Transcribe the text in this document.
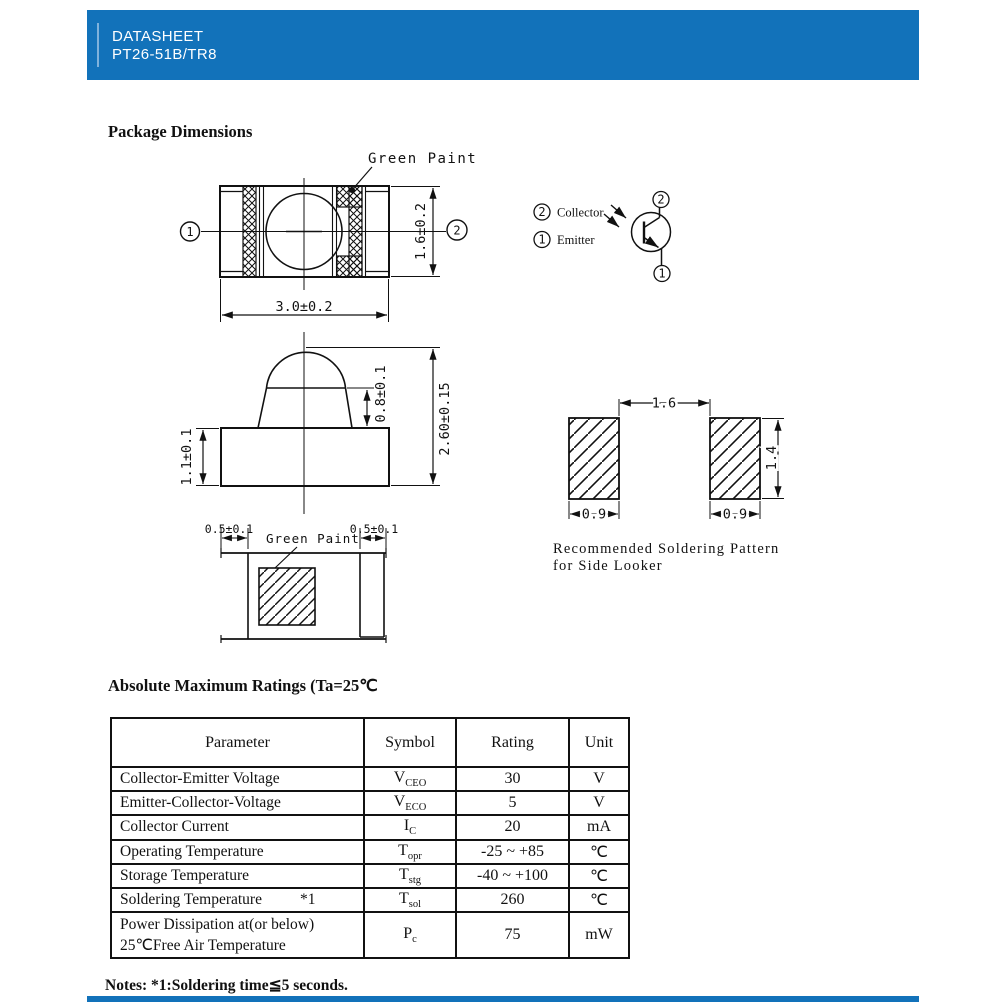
DATASHEET
PT26-51B/TR8
Package Dimensions
Absolute Maximum Ratings (Ta=25℃
Notes: *1:Soldering time≦5 seconds.
Green Paint
1	2
3.0±0.2
1.6±0.2	2 Collector
1 Emitter
2
1
1.1±0.1
0.8±0.1	2.60±0.15
Green Paint
0.5±0.1	0.5±0.1
1.6
1.4
0.9	0.9
Recommended Soldering Pattern
for Side Looker
Parameter	Symbol	Rating	Unit

Collector-Emitter Voltage	$V_{CEO}$	30	V

Emitter-Collector-Voltage	$V_{ECO}$	5	V

Collector Current	$I_C$	20	mA

Operating Temperature	$T_{opr}$	-25 ~ +85	℃

Storage Temperature	$T_{stg}$	-40 ~ +100	℃

Soldering Temperature *1	$T_{sol}$	260	℃

Power Dissipation at(or below)
25℃Free Air Temperature	$P_c$	75	mW
